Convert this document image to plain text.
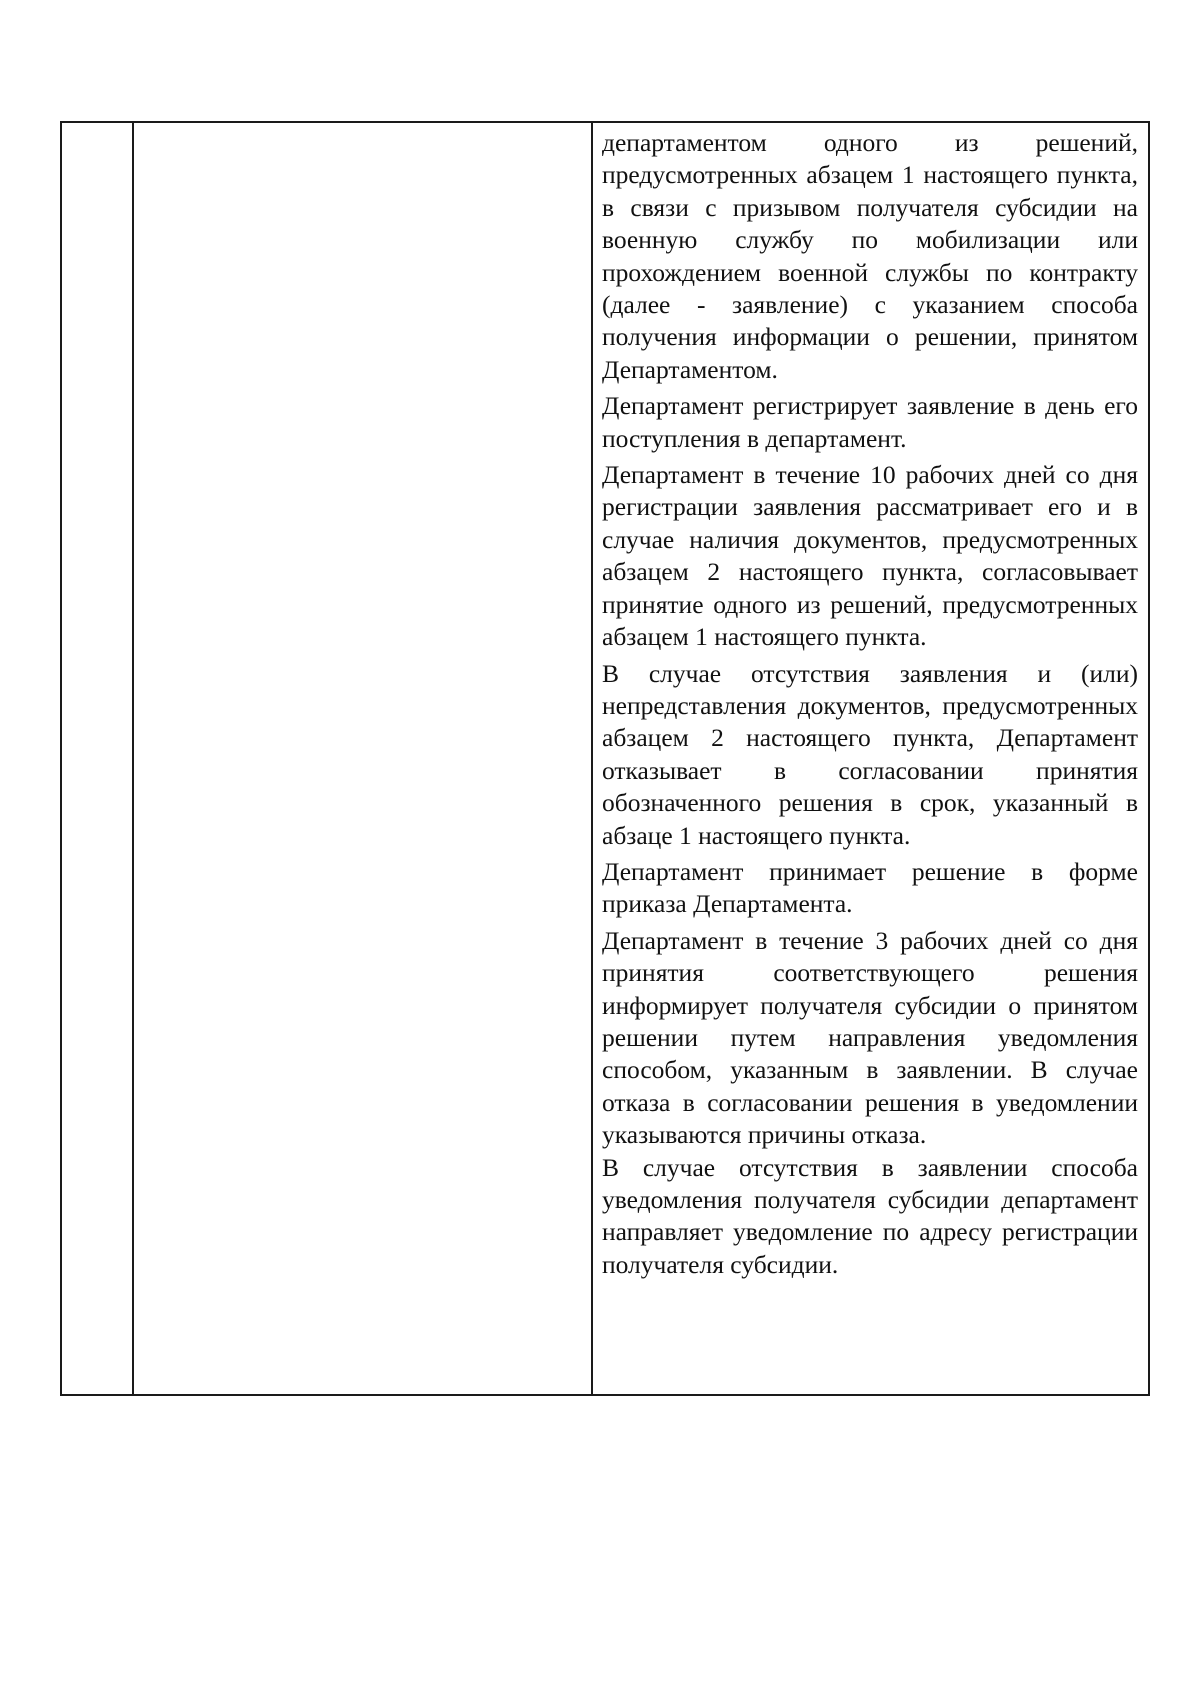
департаментом одного из решений, предусмотренных абзацем 1 настоящего пункта, в связи с призывом получателя субсидии на военную службу по мобилизации или прохождением военной службы по контракту (далее - заявление) с указанием способа получения информации о решении, принятом Департаментом.

Департамент регистрирует заявление в день его поступления в департамент.

Департамент в течение 10 рабочих дней со дня регистрации заявления рассматривает его и в случае наличия документов, предусмотренных абзацем 2 настоящего пункта, согласовывает принятие одного из решений, предусмотренных абзацем 1 настоящего пункта.

В случае отсутствия заявления и (или) непредставления документов, предусмотренных абзацем 2 настоящего пункта, Департамент отказывает в согласовании принятия обозначенного решения в срок, указанный в абзаце 1 настоящего пункта.

Департамент принимает решение в форме приказа Департамента.

Департамент в течение 3 рабочих дней со дня принятия соответствующего решения информирует получателя субсидии о принятом решении путем направления уведомления способом, указанным в заявлении. В случае отказа в согласовании решения в уведомлении указываются причины отказа.

В случае отсутствия в заявлении способа уведомления получателя субсидии департамент направляет уведомление по адресу регистрации получателя субсидии.
